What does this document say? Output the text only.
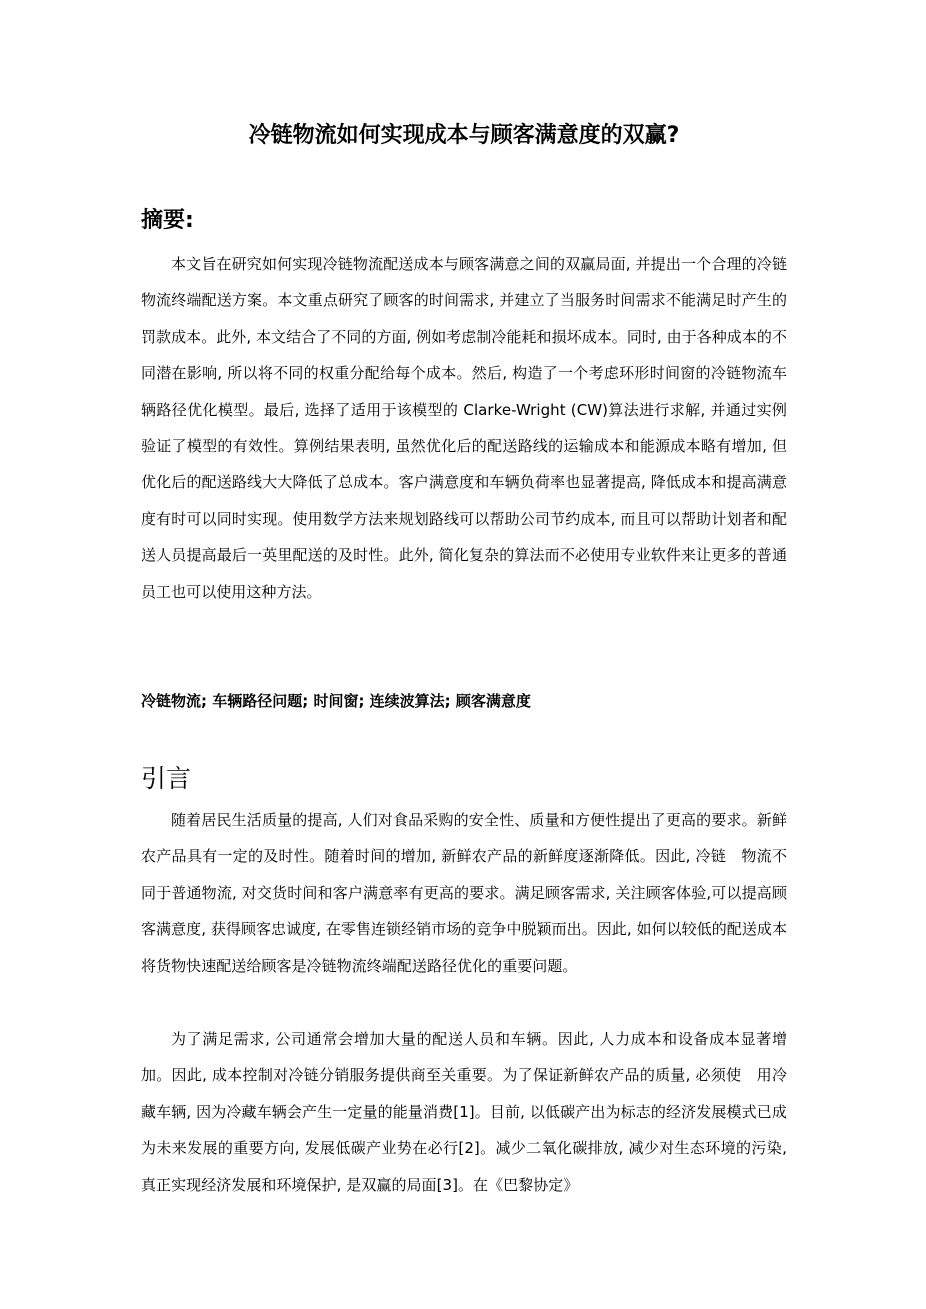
冷链物流如何实现成本与顾客满意度的双赢?
摘要:

本文旨在研究如何实现冷链物流配送成本与顾客满意之间的双赢局面, 并提出一个合理的冷链物流终端配送方案。本文重点研究了顾客的时间需求, 并建立了当服务时间需求不能满足时产生的罚款成本。此外, 本文结合了不同的方面, 例如考虑制冷能耗和损坏成本。同时, 由于各种成本的不同潜在影响, 所以将不同的权重分配给每个成本。然后, 构造了一个考虑环形时间窗的冷链物流车辆路径优化模型。最后, 选择了适用于该模型的 Clarke-Wright (CW)算法进行求解, 并通过实例验证了模型的有效性。算例结果表明, 虽然优化后的配送路线的运输成本和能源成本略有增加, 但优化后的配送路线大大降低了总成本。客户满意度和车辆负荷率也显著提高, 降低成本和提高满意度有时可以同时实现。使用数学方法来规划路线可以帮助公司节约成本, 而且可以帮助计划者和配送人员提高最后一英里配送的及时性。此外, 简化复杂的算法而不必使用专业软件来让更多的普通员工也可以使用这种方法。

冷链物流; 车辆路径问题; 时间窗; 连续波算法; 顾客满意度

引言

随着居民生活质量的提高, 人们对食品采购的安全性、质量和方便性提出了更高的要求。新鲜农产品具有一定的及时性。随着时间的增加, 新鲜农产品的新鲜度逐渐降低。因此, 冷链　物流不同于普通物流, 对交货时间和客户满意率有更高的要求。满足顾客需求, 关注顾客体验,可以提高顾客满意度, 获得顾客忠诚度, 在零售连锁经销市场的竞争中脱颖而出。因此, 如何以较低的配送成本将货物快速配送给顾客是冷链物流终端配送路径优化的重要问题。

为了满足需求, 公司通常会增加大量的配送人员和车辆。因此, 人力成本和设备成本显著增加。因此, 成本控制对冷链分销服务提供商至关重要。为了保证新鲜农产品的质量, 必须使　用冷藏车辆, 因为冷藏车辆会产生一定量的能量消费[1]。目前, 以低碳产出为标志的经济发展模式已成为未来发展的重要方向, 发展低碳产业势在必行[2]。减少二氧化碳排放, 减少对生态环境的污染, 真正实现经济发展和环境保护, 是双赢的局面[3]。在《巴黎协定》
